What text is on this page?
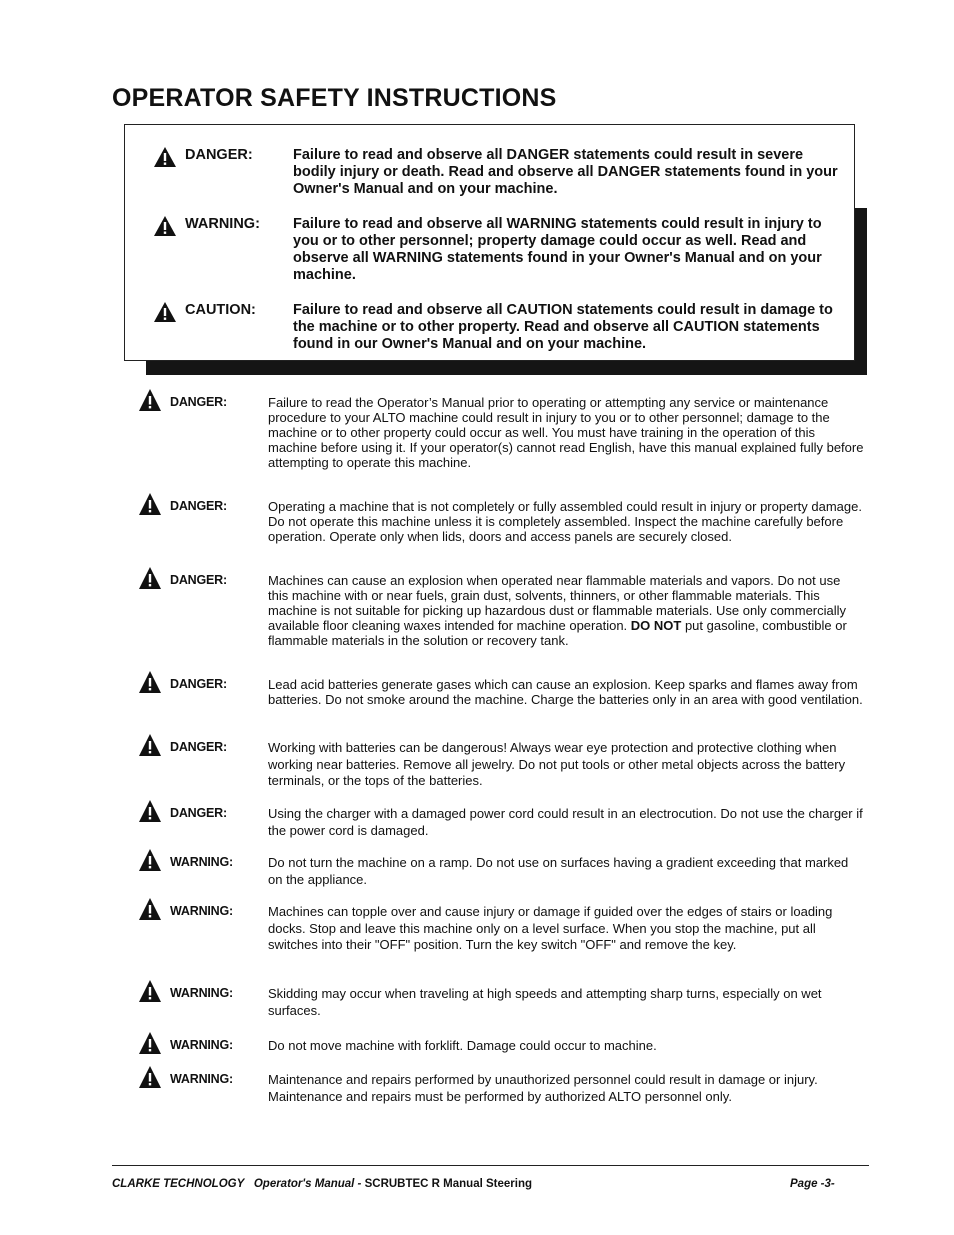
OPERATOR SAFETY INSTRUCTIONS
DANGER:	Failure to read and observe all DANGER statements could result in severe bodily injury or death. Read and observe all DANGER statements found in your Owner's Manual and on your machine.
WARNING: Failure to read and observe all WARNING statements could result in injury to you or to other personnel; property damage could occur as well. Read and observe all WARNING statements found in your Owner's Manual and on your machine.
CAUTION:	Failure to read and observe all CAUTION statements could result in damage to the machine or to other property. Read and observe all CAUTION statements found in our Owner's Manual and on your machine.
DANGER:	Failure to read the Operator’s Manual prior to operating or attempting any service or maintenance procedure to your ALTO machine could result in injury to you or to other personnel; damage to the machine or to other property could occur as well. You must have training in the operation of this machine before using it. If your operator(s) cannot read English, have this manual explained fully before attempting to operate this machine.
DANGER:	Operating a machine that is not completely or fully assembled could result in injury or property damage. Do not operate this machine unless it is completely assembled. Inspect the machine carefully before operation. Operate only when lids, doors and access panels are securely closed.
DANGER:	Machines can cause an explosion when operated near flammable materials and vapors. Do not use this machine with or near fuels, grain dust, solvents, thinners, or other flammable materials. This machine is not suitable for picking up hazardous dust or flammable materials. Use only commercially available floor cleaning waxes intended for machine operation. DO NOT put gasoline, combustible or flammable materials in the solution or recovery tank.
DANGER:	Lead acid batteries generate gases which can cause an explosion. Keep sparks and flames away from batteries. Do not smoke around the machine. Charge the batteries only in an area with good ventilation.
DANGER:	Working with batteries can be dangerous! Always wear eye protection and protective clothing when working near batteries. Remove all jewelry. Do not put tools or other metal objects across the battery terminals, or the tops of the batteries.
DANGER:	Using the charger with a damaged power cord could result in an electrocution. Do not use the charger if the power cord is damaged.
WARNING:	Do not turn the machine on a ramp. Do not use on surfaces having a gradient exceeding that marked on the appliance.
WARNING:	Machines can topple over and cause injury or damage if guided over the edges of stairs or loading docks. Stop and leave this machine only on a level surface. When you stop the machine, put all switches into their "OFF" position. Turn the key switch "OFF" and remove the key.
WARNING:	Skidding may occur when traveling at high speeds and attempting sharp turns, especially on wet surfaces.
WARNING:	Do not move machine with forklift. Damage could occur to machine.
WARNING:	Maintenance and repairs performed by unauthorized personnel could result in damage or injury. Maintenance and repairs must be performed by authorized ALTO personnel only.
CLARKE TECHNOLOGY Operator's Manual - SCRUBTEC R Manual Steering	Page -3-
